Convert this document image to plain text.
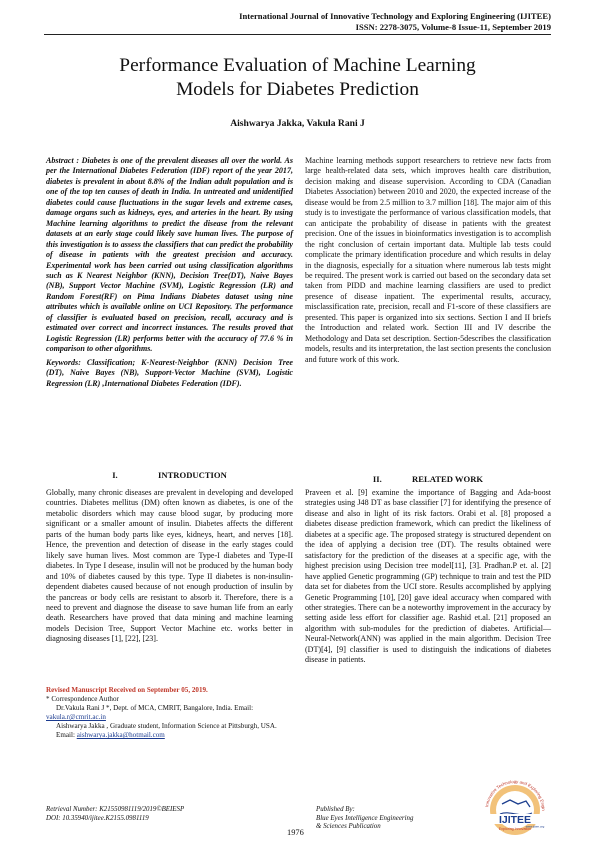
International Journal of Innovative Technology and Exploring Engineering (IJITEE)
ISSN: 2278-3075, Volume-8 Issue-11, September 2019
Performance Evaluation of Machine Learning
Models for Diabetes Prediction
Aishwarya Jakka, Vakula Rani J

Abstract : Diabetes is one of the prevalent diseases all over the world. As per the International Diabetes Federation (IDF) report of the year 2017, diabetes is prevalent in about 8.8% of the Indian adult population and is one of the top ten causes of death in India. In untreated and unidentified diabetes could cause fluctuations in the sugar levels and extreme cases, damage organs such as kidneys, eyes, and arteries in the heart. By using Machine learning algorithms to predict the disease from the relevant datasets at an early stage could likely save human lives. The purpose of this investigation is to assess the classifiers that can predict the probability of disease in patients with the greatest precision and accuracy. Experimental work has been carried out using classification algorithms such as K Nearest Neighbor (KNN), Decision Tree(DT), Naive Bayes (NB), Support Vector Machine (SVM), Logistic Regression (LR) and Random Forest(RF) on Pima Indians Diabetes dataset using nine attributes which is available online on UCI Repository. The performance of classifier is evaluated based on precision, recall, accuracy and is estimated over correct and incorrect instances. The results proved that Logistic Regression (LR) performs better with the accuracy of 77.6 % in comparison to other algorithms.

Keywords: Classification; K-Nearest-Neighbor (KNN) Decision Tree (DT), Naive Bayes (NB), Support-Vector Machine (SVM), Logistic Regression (LR) ,International Diabetes Federation (IDF).

Machine learning methods support researchers to retrieve new facts from large health-related data sets, which improves health care distribution, decision making and disease supervision. According to CDA (Canadian Diabetes Association) between 2010 and 2020, the expected increase of the disease would be from 2.5 million to 3.7 million [18]. The major aim of this study is to investigate the performance of various classification models, that can anticipate the probability of disease in patients with the greatest precision. One of the issues in bioinformatics investigation is to accomplish the right conclusion of certain important data. Multiple lab tests could complicate the primary identification procedure and which results in delay in the diagnosis, especially for a situation where numerous lab tests might be required. The present work is carried out based on the secondary data set taken from PIDD and machine learning classifiers are used to predict presence of disease inpatient. The experimental results, accuracy, misclassification rate, precision, recall and F1-score of these classifiers are presented. This paper is organized into six sections. Section I and II briefs the Introduction and related work. Section III and IV describe the Methodology and Data set description. Section-5describes the classification models, results and its interpretation, the last section presents the conclusion and future work of this work.

I.	INTRODUCTION	II.	RELATED WORK

Globally, many chronic diseases are prevalent in developing and developed countries. Diabetes mellitus (DM) often known as diabetes, is one of the metabolic disorders which may cause blood sugar, by producing more significant or a smaller amount of insulin. Diabetes affects the different parts of the human body parts like eyes, kidneys, heart, and nerves [18]. Hence, the prevention and detection of disease in the early stages could likely save human lives. Most common are Type-I diabetes and Type-II diabetes. In Type I desease, insulin will not be produced by the human body and 10% of diabetes caused by this type. Type II diabetes is non-insulin-dependent diabetes caused because of not enough production of insulin by the pancreas or body cells are resistant to absorb it. Therefore, there is a need to prevent and diagnose the disease to save human life from an early death. Researchers have proved that data mining and machine learning models Decision Tree, Support Vector Machine etc. works better in diagnosing diseases [1], [22], [23].

Praveen et al. [9] examine the importance of Bagging and Ada-boost strategies using J48 DT as base classifier [7] for identifying the presence of disease and also in light of its risk factors. Orabi et al. [8] proposed a diabetes disease prediction framework, which can predict the likeliness of diabetes at a specific age. The proposed strategy is structured dependent on the idea of applying a decision tree (DT). The results obtained were satisfactory for the prediction of the diseases at a specific age, with the highest precision using Decision tree model[11], [3]. Pradhan.P et. al. [2] have applied Genetic programming (GP) technique to train and test the PID data set for diabetes from the UCI store. Results accomplished by applying Genetic Programming [10], [20] gave ideal accuracy when compared with other strategies. There can be a noteworthy improvement in the accuracy by setting aside less effort for classifier age. Rashid et.al. [21] proposed an algorithm with sub-modules for the prediction of diabetes. Artificial—Neural-Network(ANN) was applied in the main algorithm. Decision Tree (DT)[4], [9] classifier is used to distinguish the indications of diabetes disease in patients.

Revised Manuscript Received on September 05, 2019.
* Correspondence Author
Dr.Vakula Rani J *, Dept. of MCA, CMRIT, Bangalore, India. Email:
vakula.r@cmrit.ac.in
Aishwarya Jakka , Graduate student, Information Science at Pittsburgh, USA. Email: aishwarya.jakka@hotmail.com
Retrieval Number: K21550981119/2019©BEIESP
DOI: 10.35940/ijitee.K2155.0981119
Published By:
Blue Eyes Intelligence Engineering
& Sciences Publication
1976
Innovative Technology and Exploring Engin
IJITEE
Exploring Innovation
www.ijitee.org
